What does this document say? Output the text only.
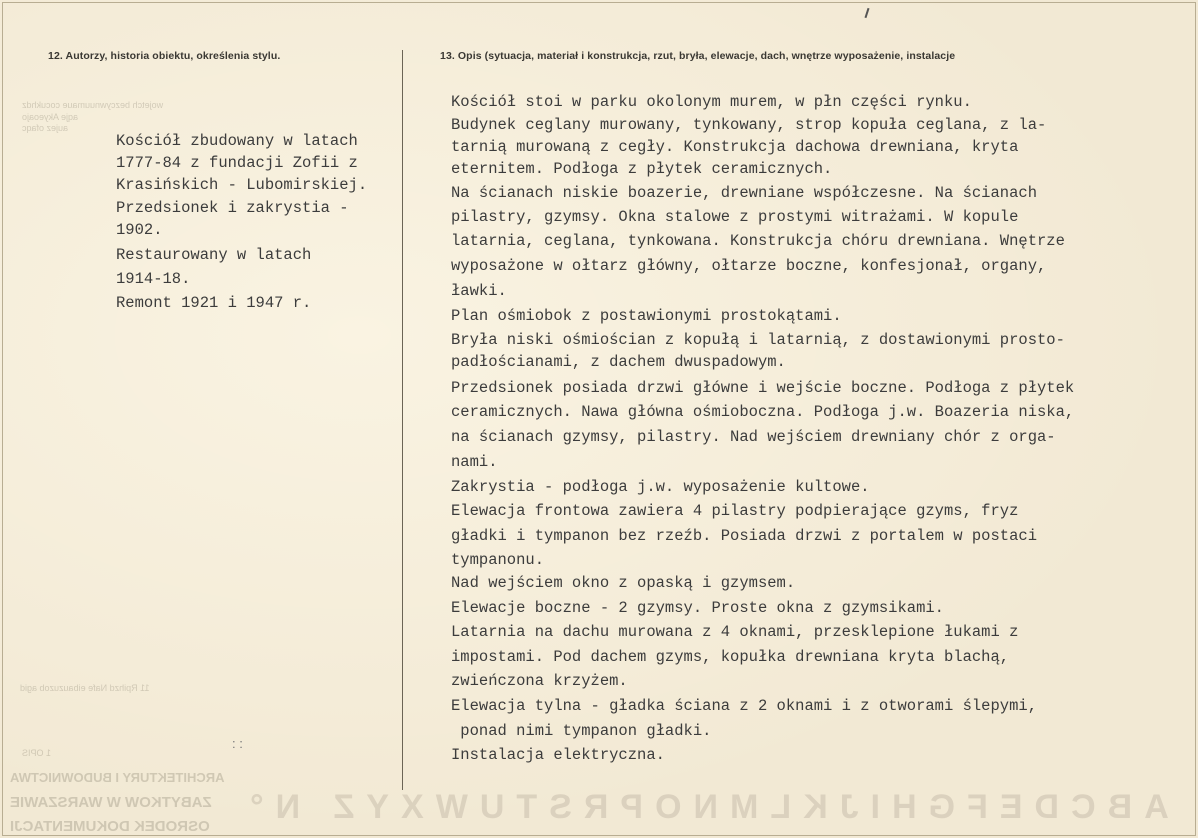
12. Autorzy, historia obiektu, określenia stylu.	13. Opis (sytuacja, materiał i konstrukcja, rzut, bryła, elewacje, dach, wnętrze wyposażenie, instalacje
wojetch bezcywnuumaue cocukhdz
aqje Akyeoajo
aujez ofaqc
11 Rpihzd Nafe eibauzuzob agid
1 OPIS
Kościół zbudowany w latach
1777-84 z fundacji Zofii z
Krasińskich - Lubomirskiej.
Przedsionek i zakrystia -
1902.
Restaurowany w latach
1914-18.
Remont 1921 i 1947 r.
Kościół stoi w parku okolonym murem, w płn części rynku.
Budynek ceglany murowany, tynkowany, strop kopuła ceglana, z la-
tarnią murowaną z cegły. Konstrukcja dachowa drewniana, kryta
eternitem. Podłoga z płytek ceramicznych.
Na ścianach niskie boazerie, drewniane współczesne. Na ścianach
pilastry, gzymsy. Okna stalowe z prostymi witrażami. W kopule
latarnia, ceglana, tynkowana. Konstrukcja chóru drewniana. Wnętrze
wyposażone w ołtarz główny, ołtarze boczne, konfesjonał, organy,
ławki.
Plan ośmiobok z postawionymi prostokątami.
Bryła niski ośmiościan z kopułą i latarnią, z dostawionymi prosto-
padłościanami, z dachem dwuspadowym.
Przedsionek posiada drzwi główne i wejście boczne. Podłoga z płytek
ceramicznych. Nawa główna ośmioboczna. Podłoga j.w. Boazeria niska,
na ścianach gzymsy, pilastry. Nad wejściem drewniany chór z orga-
nami.
Zakrystia - podłoga j.w. wyposażenie kultowe.
Elewacja frontowa zawiera 4 pilastry podpierające gzyms, fryz
gładki i tympanon bez rzeźb. Posiada drzwi z portalem w postaci
tympanonu.
Nad wejściem okno z opaską i gzymsem.
Elewacje boczne - 2 gzymsy. Proste okna z gzymsikami.
Latarnia na dachu murowana z 4 oknami, przesklepione łukami z
impostami. Pod dachem gzyms, kopułka drewniana kryta blachą,
zwieńczona krzyżem.
Elewacja tylna - gładka ściana z 2 oknami i z otworami ślepymi,
ponad nimi tympanon gładki.
Instalacja elektryczna.
: :
ARCHITEKTURY I BUDOWNICTWA
ZABYTKOW W WARSZAWIE
OSRODEK DOKUMENTACJI
ABCDEFGHIJKLMNOPRSTUWXYZ N°
